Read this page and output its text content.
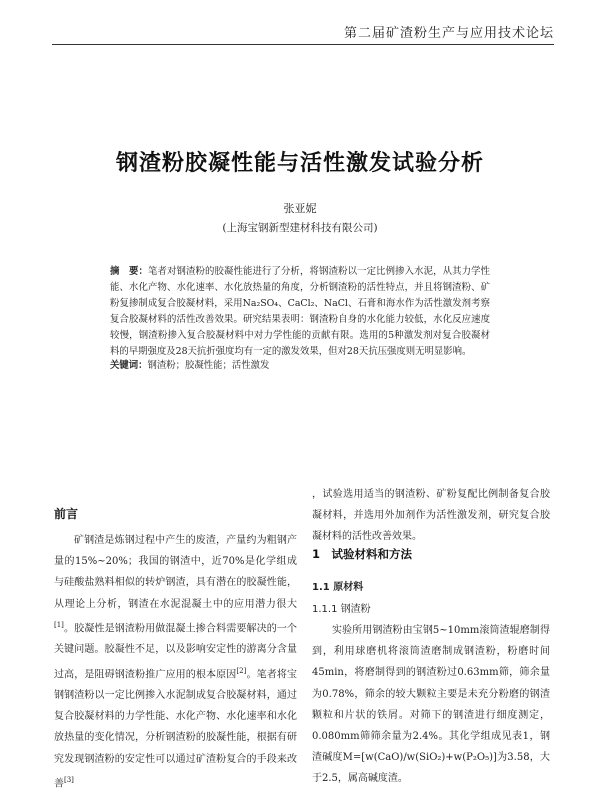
第二届矿渣粉生产与应用技术论坛
钢渣粉胶凝性能与活性激发试验分析
张亚妮
(上海宝钢新型建材科技有限公司)
摘　要：笔者对钢渣粉的胶凝性能进行了分析，将钢渣粉以一定比例掺入水泥，从其力学性能、水化产物、水化速率、水化放热量的角度，分析钢渣粉的活性特点，并且将钢渣粉、矿粉复掺制成复合胶凝材料，采用Na₂SO₄、CaCl₂、NaCl、石膏和海水作为活性激发剂考察复合胶凝材料的活性改善效果。研究结果表明：钢渣粉自身的水化能力较低，水化反应速度较慢，钢渣粉掺入复合胶凝材料中对力学性能的贡献有限。选用的5种激发剂对复合胶凝材料的早期强度及28天抗折强度均有一定的激发效果，但对28天抗压强度则无明显影响。
关键词：钢渣粉；胶凝性能；活性激发
前言

矿钢渣是炼钢过程中产生的废渣，产量约为粗钢产量的15%~20%；我国的钢渣中，近70%是化学组成与硅酸盐熟料相似的转炉钢渣，具有潜在的胶凝性能，从理论上分析，钢渣在水泥混凝土中的应用潜力很大[1]。胶凝性是钢渣粉用做混凝土掺合料需要解决的一个关键问题。胶凝性不足，以及影响安定性的游离分含量过高，是阻碍钢渣粉推广应用的根本原因[2]。笔者将宝钢钢渣粉以一定比例掺入水泥制成复合胶凝材料，通过复合胶凝材料的力学性能、水化产物、水化速率和水化放热量的变化情况，分析钢渣粉的胶凝性能，根据有研究发现钢渣粉的安定性可以通过矿渣粉复合的手段来改善[3]

1　试验材料和方法
1.1 原材料
1.1.1 钢渣粉

实验所用钢渣粉由宝钢5~10mm滚筒渣辊磨制得到，利用球磨机将滚筒渣磨制成钢渣粉，粉磨时间45min，将磨制得到的钢渣粉过0.63mm筛，筛余量为0.78%，筛余的较大颗粒主要是未充分粉磨的钢渣颗粒和片状的铁屑。对筛下的钢渣进行细度测定，0.080mm筛筛余量为2.4%。其化学组成见表1，钢渣碱度M=[w(CaO)/w(SiO₂)+w(P₂O₅)]为3.58，大于2.5，属高碱度渣。

，试验选用适当的钢渣粉、矿粉复配比例制备复合胶凝材料，并选用外加剂作为活性激发剂，研究复合胶凝材料的活性改善效果。
